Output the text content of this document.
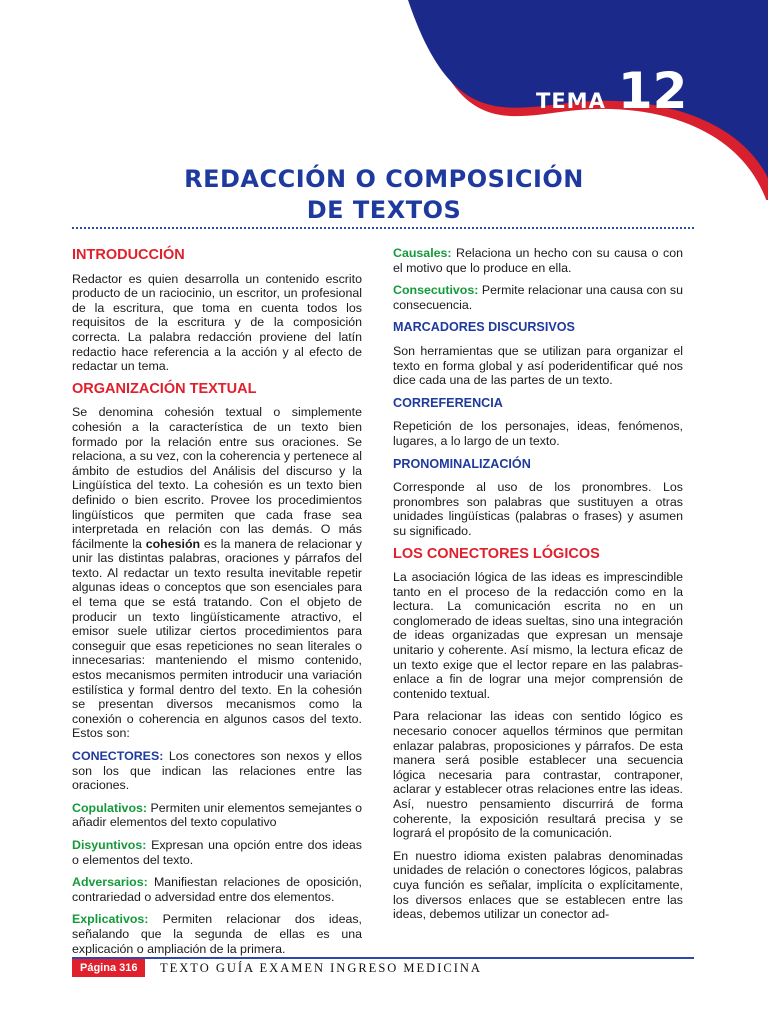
TEMA 12
REDACCIÓN O COMPOSICIÓN
DE TEXTOS
INTRODUCCIÓN

Redactor es quien desarrolla un contenido escrito producto de un raciocinio, un escritor, un profesional de la escritura, que toma en cuenta todos los requisitos de la escritura y de la composición correcta. La palabra redacción proviene del latín redactio hace referencia a la acción y al efecto de redactar un tema.

ORGANIZACIÓN TEXTUAL

Se denomina cohesión textual o simplemente cohesión a la característica de un texto bien formado por la relación entre sus oraciones. Se relaciona, a su vez, con la coherencia y pertenece al ámbito de estudios del Análisis del discurso y la Lingüística del texto. La cohesión es un texto bien definido o bien escrito. Provee los procedimientos lingüísticos que permiten que cada frase sea interpretada en relación con las demás. O más fácilmente la cohesión es la manera de relacionar y unir las distintas palabras, oraciones y párrafos del texto. Al redactar un texto resulta inevitable repetir algunas ideas o conceptos que son esenciales para el tema que se está tratando. Con el objeto de producir un texto lingüísticamente atractivo, el emisor suele utilizar ciertos procedimientos para conseguir que esas repeticiones no sean literales o innecesarias: manteniendo el mismo contenido, estos mecanismos permiten introducir una variación estilística y formal dentro del texto. En la cohesión se presentan diversos mecanismos como la conexión o coherencia en algunos casos del texto. Estos son:

CONECTORES: Los conectores son nexos y ellos son los que indican las relaciones entre las oraciones.

Copulativos: Permiten unir elementos semejantes o añadir elementos del texto copulativo

Disyuntivos: Expresan una opción entre dos ideas o elementos del texto.

Adversarios: Manifiestan relaciones de oposición, contrariedad o adversidad entre dos elementos.

Explicativos: Permiten relacionar dos ideas, señalando que la segunda de ellas es una explicación o ampliación de la primera.

Causales: Relaciona un hecho con su causa o con el motivo que lo produce en ella.

Consecutivos: Permite relacionar una causa con su consecuencia.

MARCADORES DISCURSIVOS

Son herramientas que se utilizan para organizar el texto en forma global y así poderidentificar qué nos dice cada una de las partes de un texto.

CORREFERENCIA

Repetición de los personajes, ideas, fenómenos, lugares, a lo largo de un texto.

PRONOMINALIZACIÓN

Corresponde al uso de los pronombres. Los pronombres son palabras que sustituyen a otras unidades lingüísticas (palabras o frases) y asumen su significado.

LOS CONECTORES LÓGICOS

La asociación lógica de las ideas es imprescindible tanto en el proceso de la redacción como en la lectura. La comunicación escrita no en un conglomerado de ideas sueltas, sino una integración de ideas organizadas que expresan un mensaje unitario y coherente. Así mismo, la lectura eficaz de un texto exige que el lector repare en las palabras-enlace a fin de lograr una mejor comprensión de contenido textual.

Para relacionar las ideas con sentido lógico es necesario conocer aquellos términos que permitan enlazar palabras, proposiciones y párrafos. De esta manera será posible establecer una secuencia lógica necesaria para contrastar, contraponer, aclarar y establecer otras relaciones entre las ideas. Así, nuestro pensamiento discurrirá de forma coherente, la exposición resultará precisa y se logrará el propósito de la comunicación.

En nuestro idioma existen palabras denominadas unidades de relación o conectores lógicos, palabras cuya función es señalar, implícita o explícitamente, los diversos enlaces que se establecen entre las ideas, debemos utilizar un conector ad-

Página 316	TEXTO GUÍA EXAMEN INGRESO MEDICINA
